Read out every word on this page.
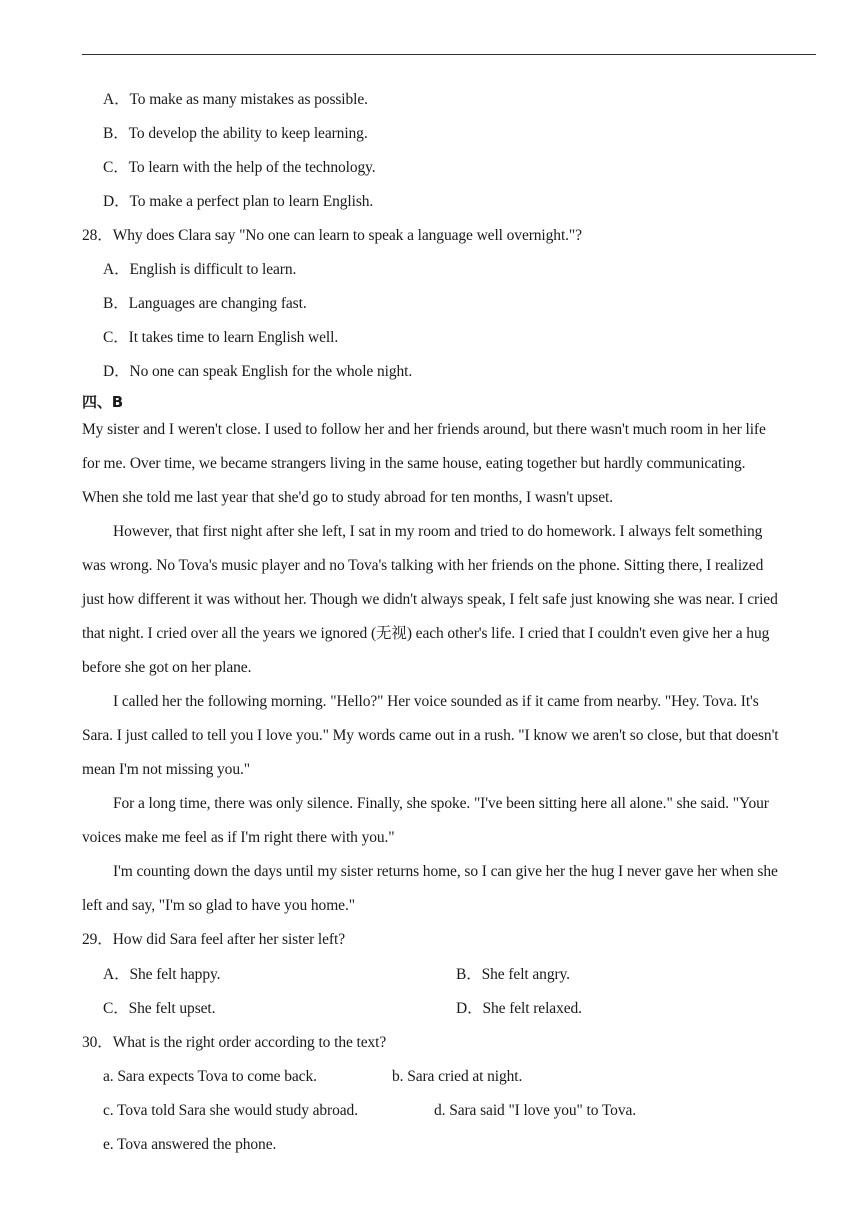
A．To make as many mistakes as possible.
B．To develop the ability to keep learning.
C．To learn with the help of the technology.
D．To make a perfect plan to learn English.
28．Why does Clara say "No one can learn to speak a language well overnight."?
A．English is difficult to learn.
B．Languages are changing fast.
C．It takes time to learn English well.
D．No one can speak English for the whole night.
四、B
My sister and I weren't close. I used to follow her and her friends around, but there wasn't much room in her life
for me. Over time, we became strangers living in the same house, eating together but hardly communicating.
When she told me last year that she'd go to study abroad for ten months, I wasn't upset.
However, that first night after she left, I sat in my room and tried to do homework. I always felt something
was wrong. No Tova's music player and no Tova's talking with her friends on the phone. Sitting there, I realized
just how different it was without her. Though we didn't always speak, I felt safe just knowing she was near. I cried
that night. I cried over all the years we ignored (无视) each other's life. I cried that I couldn't even give her a hug
before she got on her plane.
I called her the following morning. "Hello?" Her voice sounded as if it came from nearby. "Hey. Tova. It's
Sara. I just called to tell you I love you." My words came out in a rush. "I know we aren't so close, but that doesn't
mean I'm not missing you."
For a long time, there was only silence. Finally, she spoke. "I've been sitting here all alone." she said. "Your
voices make me feel as if I'm right there with you."
I'm counting down the days until my sister returns home, so I can give her the hug I never gave her when she
left and say, "I'm so glad to have you home."
29．How did Sara feel after her sister left?
A．She felt happy.	B．She felt angry.
C．She felt upset.	D．She felt relaxed.
30．What is the right order according to the text?
a. Sara expects Tova to come back.	b. Sara cried at night.
c. Tova told Sara she would study abroad.	d. Sara said "I love you" to Tova.
e. Tova answered the phone.
